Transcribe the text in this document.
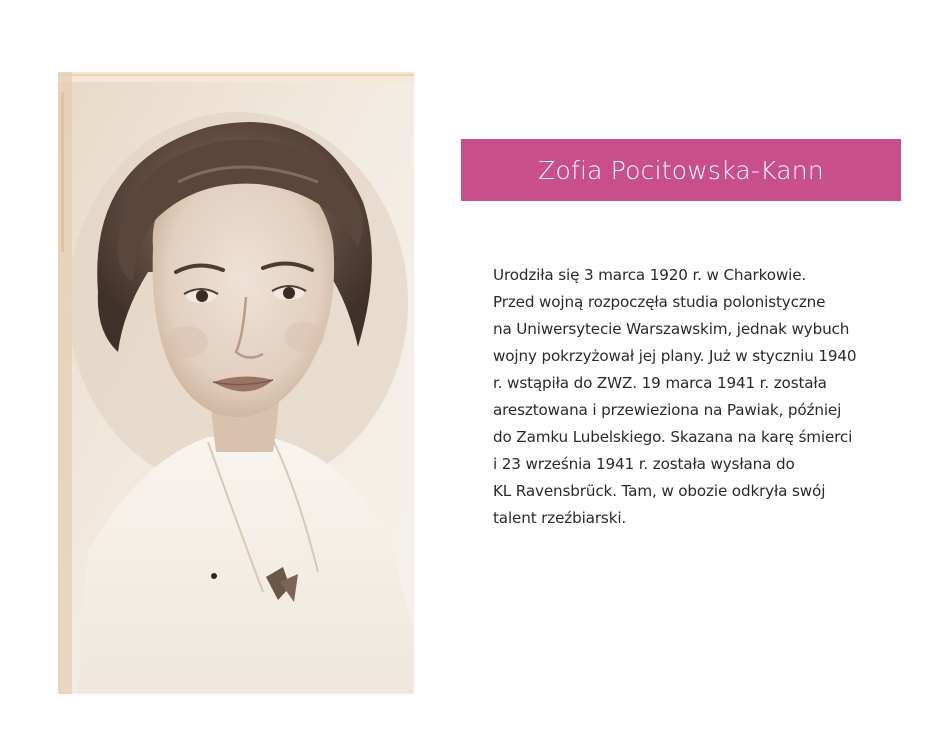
Zofia Pocitowska-Kann
Urodziła się 3 marca 1920 r. w Charkowie.
Przed wojną rozpoczęła studia polonistyczne
na Uniwersytecie Warszawskim, jednak wybuch
wojny pokrzyżował jej plany. Już w styczniu 1940
r. wstąpiła do ZWZ. 19 marca 1941 r. została
aresztowana i przewieziona na Pawiak, później
do Zamku Lubelskiego. Skazana na karę śmierci
i 23 września 1941 r. została wysłana do
KL Ravensbrück. Tam, w obozie odkryła swój
talent rzeźbiarski.
